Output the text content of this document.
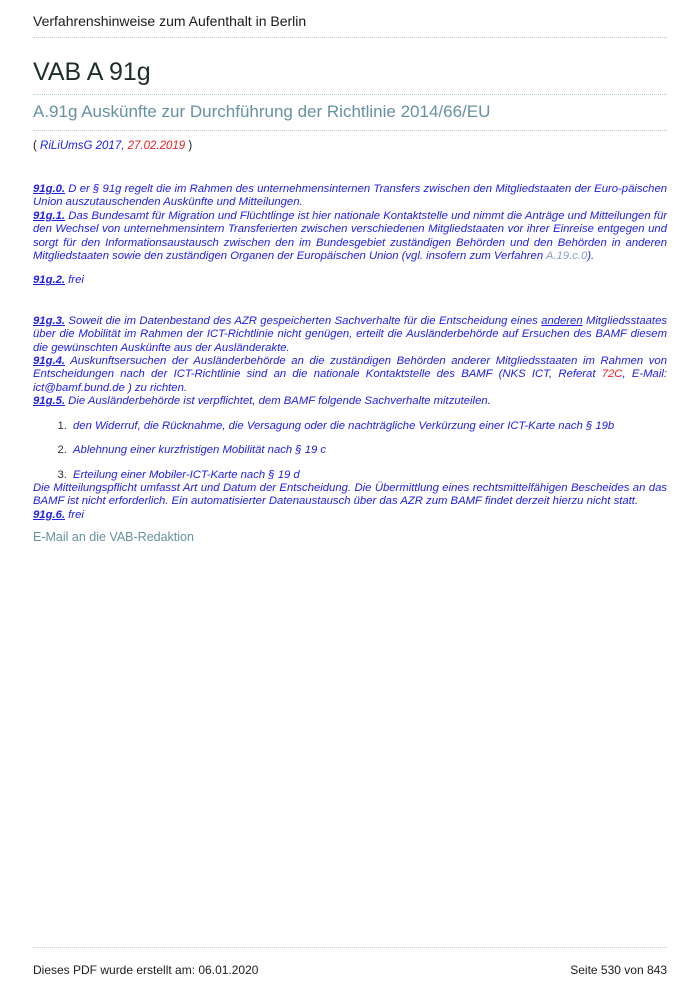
Verfahrenshinweise zum Aufenthalt in Berlin
VAB A 91g
A.91g Auskünfte zur Durchführung der Richtlinie 2014/66/EU
( RiLiUmsG 2017, 27.02.2019 )

91g.0. D er § 91g regelt die im Rahmen des unternehmensinternen Transfers zwischen den Mitgliedstaaten der Euro-päischen Union auszutauschenden Auskünfte und Mitteilungen.

91g.1. Das Bundesamt für Migration und Flüchtlinge ist hier nationale Kontaktstelle und nimmt die Anträge und Mitteilungen für den Wechsel von unternehmensintern Transferierten zwischen verschiedenen Mitgliedstaaten vor ihrer Einreise entgegen und sorgt für den Informationsaustausch zwischen den im Bundesgebiet zuständigen Behörden und den Behörden in anderen Mitgliedstaaten sowie den zuständigen Organen der Europäischen Union (vgl. insofern zum Verfahren A.19.c.0).

91g.2. frei

91g.3. Soweit die im Datenbestand des AZR gespeicherten Sachverhalte für die Entscheidung eines anderen Mitgliedsstaates über die Mobilität im Rahmen der ICT-Richtlinie nicht genügen, erteilt die Ausländerbehörde auf Ersuchen des BAMF diesem die gewünschten Auskünfte aus der Ausländerakte.

91g.4. Auskunftsersuchen der Ausländerbehörde an die zuständigen Behörden anderer Mitgliedsstaaten im Rahmen von Entscheidungen nach der ICT-Richtlinie sind an die nationale Kontaktstelle des BAMF (NKS ICT, Referat 72C, E-Mail: ict@bamf.bund.de ) zu richten.

91g.5. Die Ausländerbehörde ist verpflichtet, dem BAMF folgende Sachverhalte mitzuteilen.

1. den Widerruf, die Rücknahme, die Versagung oder die nachträgliche Verkürzung einer ICT-Karte nach § 19b
2. Ablehnung einer kurzfristigen Mobilität nach § 19 c
3. Erteilung einer Mobiler-ICT-Karte nach § 19 d

Die Mitteilungspflicht umfasst Art und Datum der Entscheidung. Die Übermittlung eines rechtsmittelfähigen Bescheides an das BAMF ist nicht erforderlich. Ein automatisierter Datenaustausch über das AZR zum BAMF findet derzeit hierzu nicht statt.

91g.6. frei

E-Mail an die VAB-Redaktion
Dieses PDF wurde erstellt am: 06.01.2020	Seite 530 von 843
